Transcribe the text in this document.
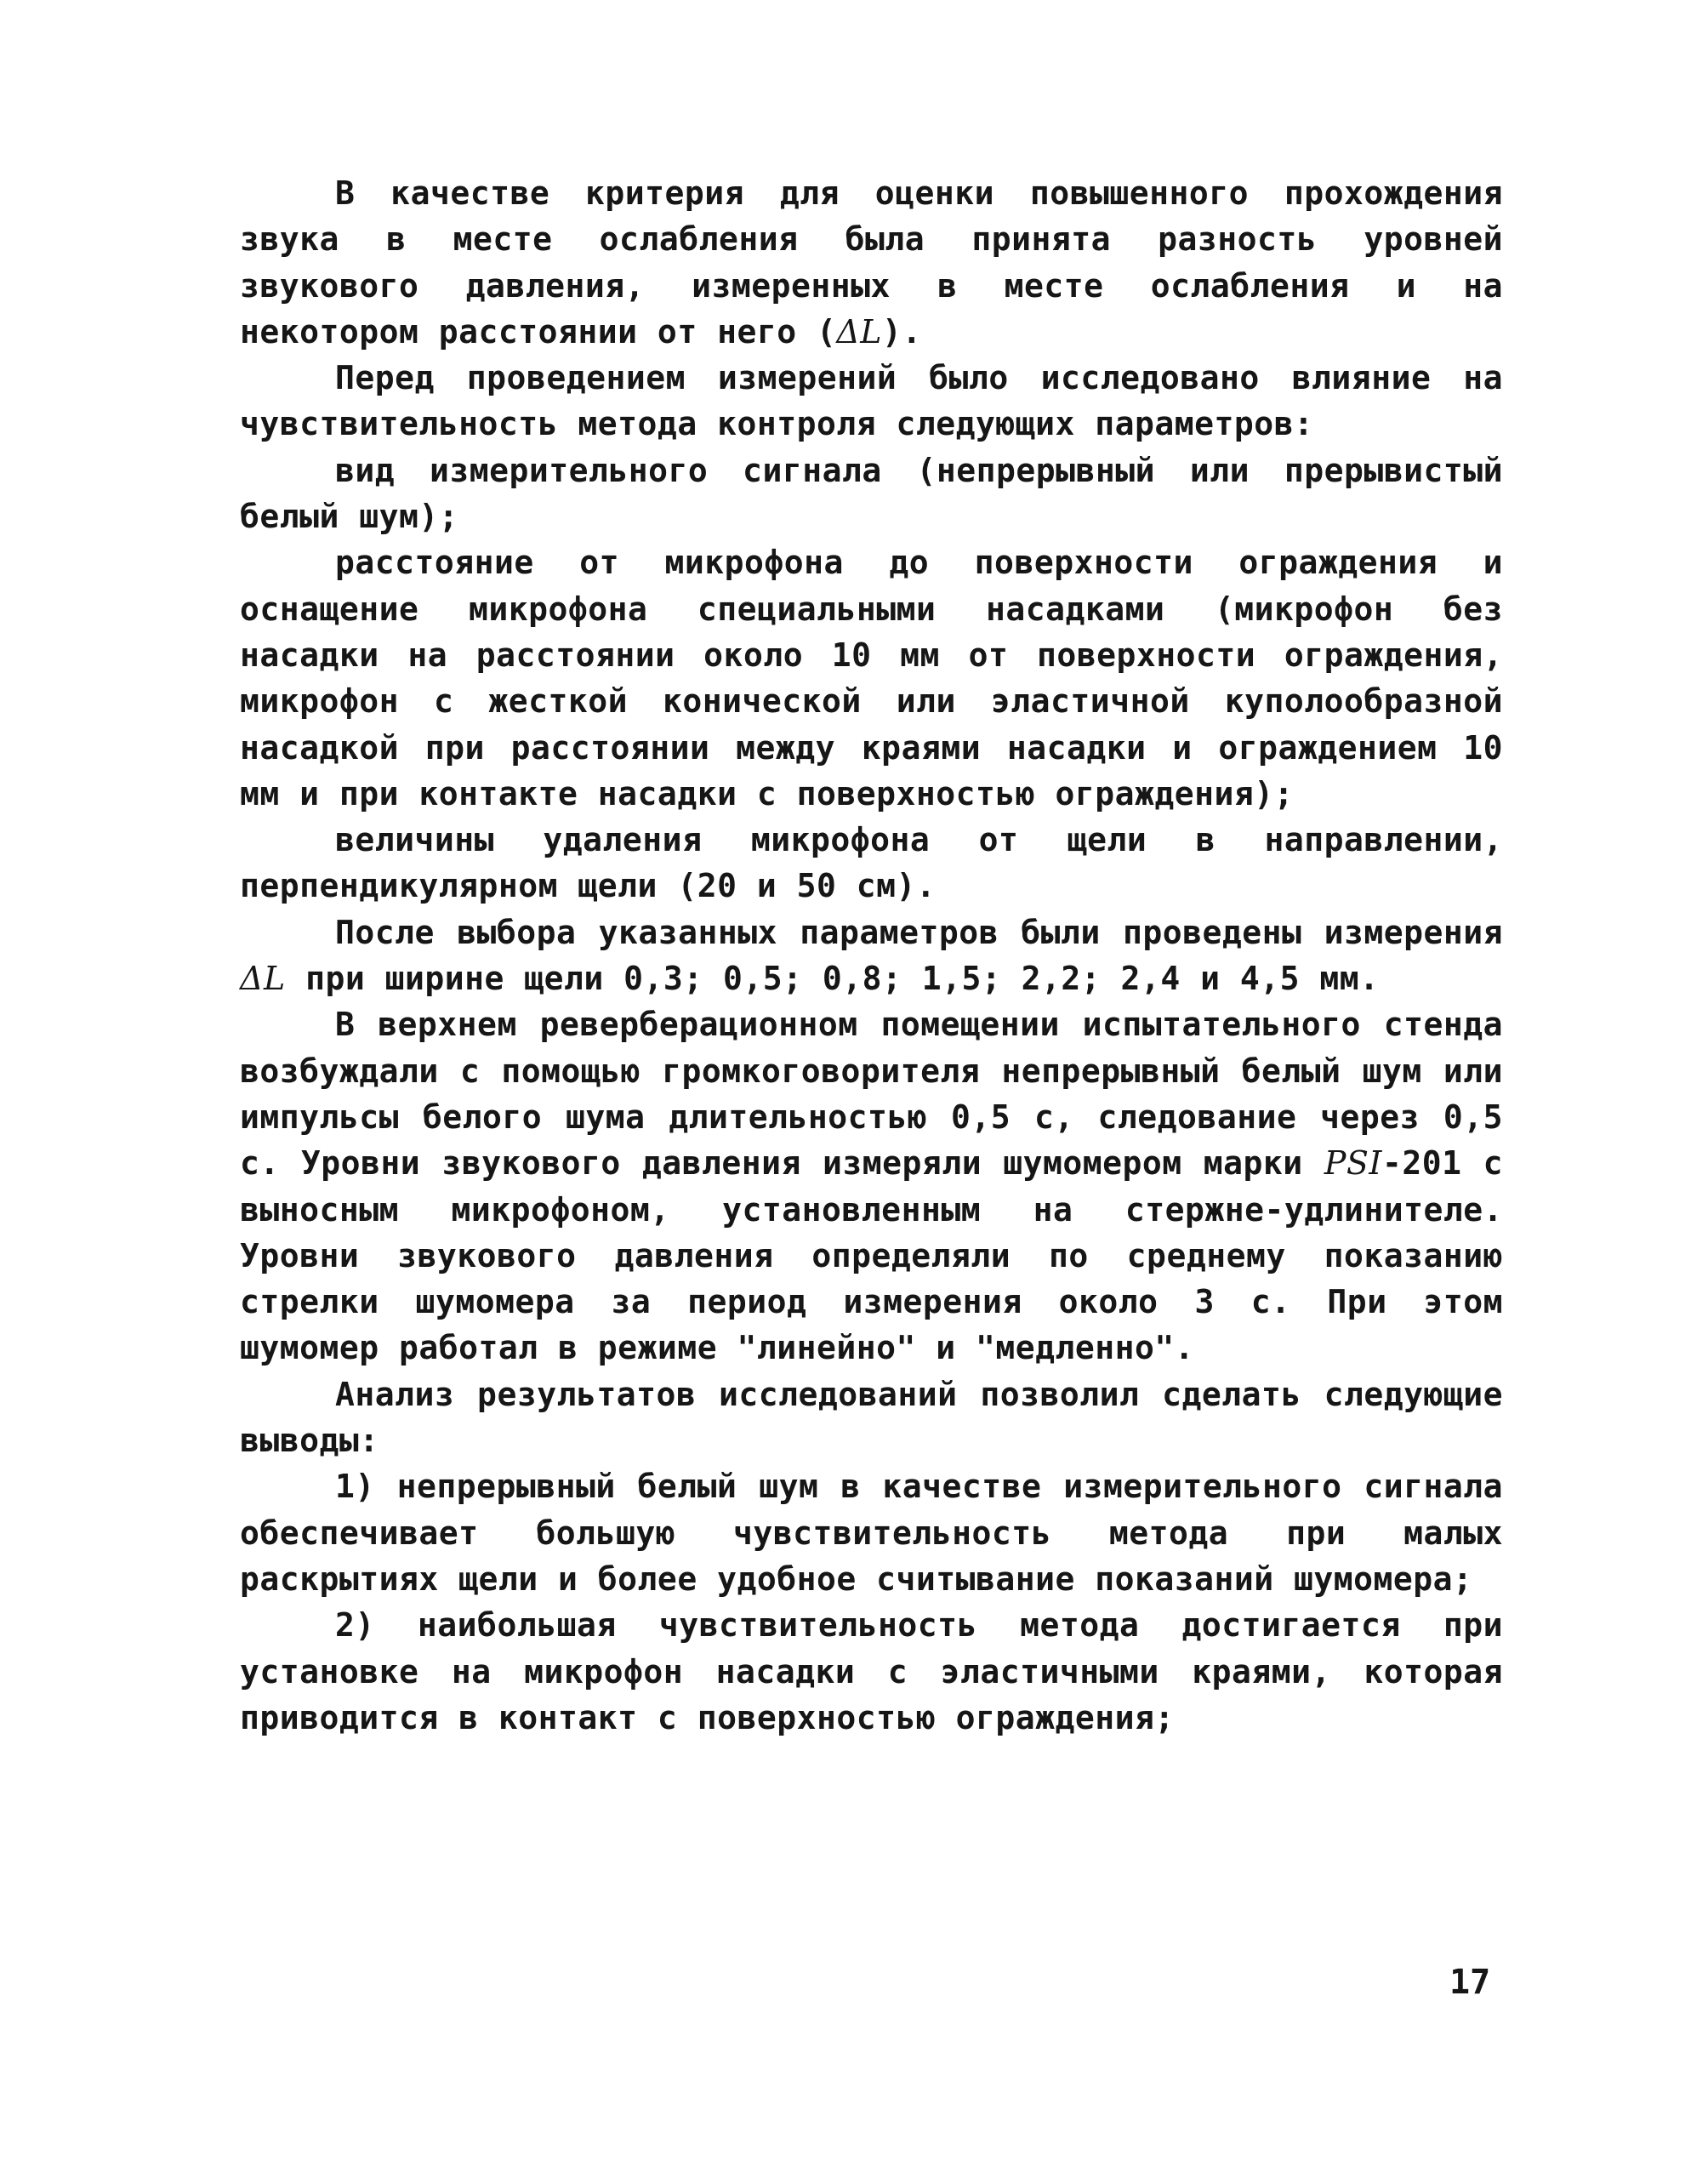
В качестве критерия для оценки повышенного прохождения звука в месте ослабления была принята разность уровней звукового давления, измеренных в месте ослабления и на некотором расстоянии от него (ΔL).

Перед проведением измерений было исследовано влияние на чувствительность метода контроля следующих параметров:

вид измерительного сигнала (непрерывный или прерывистый белый шум);

расстояние от микрофона до поверхности ограждения и оснащение микрофона специальными насадками (микрофон без насадки на расстоянии около 10 мм от поверхности ограждения, микрофон с жесткой конической или эластичной куполообразной насадкой при расстоянии между краями насадки и ограждением 10 мм и при контакте насадки с поверхностью ограждения);

величины удаления микрофона от щели в направлении, перпендикулярном щели (20 и 50 см).

После выбора указанных параметров были проведены измерения ΔL при ширине щели 0,3; 0,5; 0,8; 1,5; 2,2; 2,4 и 4,5 мм.

В верхнем реверберационном помещении испытательного стенда возбуждали с помощью громкоговорителя непрерывный белый шум или импульсы белого шума длительностью 0,5 с, следование через 0,5 с. Уровни звукового давления измеряли шумомером марки PSI-201 с выносным микрофоном, установленным на стержне-удлинителе. Уровни звукового давления определяли по среднему показанию стрелки шумомера за период измерения около 3 с. При этом шумомер работал в режиме "линейно" и "медленно".

Анализ результатов исследований позволил сделать следующие выводы:

1) непрерывный белый шум в качестве измерительного сигнала обеспечивает большую чувствительность метода при малых раскрытиях щели и более удобное считывание показаний шумомера;

2) наибольшая чувствительность метода достигается при установке на микрофон насадки с эластичными краями, которая приводится в контакт с поверхностью ограждения;

17
